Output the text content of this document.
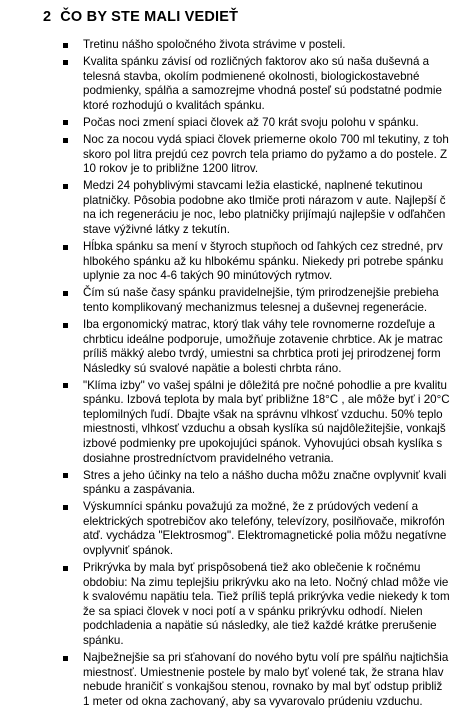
2 ČO BY STE MALI VEDIEŤ
Tretinu nášho spoločného života strávime v posteli.
Kvalita spánku závisí od rozličných faktorov ako sú naša duševná a
telesná stavba, okolím podmienené okolnosti, biologickostavebné
podmienky, spálňa a samozrejme vhodná posteľ sú podstatné podmie
ktoré rozhodujú o kvalitách spánku.
Počas noci zmení spiaci človek až 70 krát svoju polohu v spánku.
Noc za nocou vydá spiaci človek priemerne okolo 700 ml tekutiny, z toh
skoro pol litra prejdú cez povrch tela priamo do pyžamo a do postele. Z
10 rokov je to približne 1200 litrov.
Medzi 24 pohyblivými stavcami ležia elastické, naplnené tekutinou
platničky. Pôsobia podobne ako tlmiče proti nárazom v aute. Najlepší č
na ich regeneráciu je noc, lebo platničky prijímajú najlepšie v odľahčen
stave výživné látky z tekutín.
Hĺbka spánku sa mení v štyroch stupňoch od ľahkých cez stredné, prv
hlbokého spánku až ku hlbokému spánku. Niekedy pri potrebe spánku
uplynie za noc 4-6 takých 90 minútových rytmov.
Čím sú naše časy spánku pravidelnejšie, tým prirodzenejšie prebieha
tento komplikovaný mechanizmus telesnej a duševnej regenerácie.
Iba ergonomický matrac, ktorý tlak váhy tele rovnomerne rozdeľuje a
chrbticu ideálne podporuje, umožňuje zotavenie chrbtice. Ak je matrac
príliš mäkký alebo tvrdý, umiestni sa chrbtica proti jej prirodzenej form
Následky sú svalové napätie a bolesti chrbta ráno.
"Klíma izby" vo vašej spálni je dôležitá pre nočné pohodlie a pre kvalitu
spánku. Izbová teplota by mala byť približne 18°C , ale môže byť i 20°C
teplomilných ľudí. Dbajte však na správnu vlhkosť vzduchu. 50% teplo
miestnosti, vlhkosť vzduchu a obsah kyslíka sú najdôležitejšie, vonkajš
izbové podmienky pre upokojujúci spánok. Vyhovujúci obsah kyslíka s
dosiahne prostredníctvom pravidelného vetrania.
Stres a jeho účinky na telo a nášho ducha môžu značne ovplyvniť kvali
spánku a zaspávania.
Výskumníci spánku považujú za možné, že z prúdových vedení a
elektrických spotrebičov ako telefóny, televízory, posilňovače, mikrofón
atď. vychádza "Elektrosmog". Elektromagnetické polia môžu negatívne
ovplyvniť spánok.
Prikrývka by mala byť prispôsobená tiež ako oblečenie k ročnému
obdobiu: Na zimu teplejšiu prikrývku ako na leto. Nočný chlad môže vie
k svalovému napätiu tela. Tiež príliš teplá prikrývka vedie niekedy k tom
že sa spiaci človek v noci potí a v spánku prikrývku odhodí. Nielen
podchladenia a napätie sú následky, ale tiež každé krátke prerušenie
spánku.
Najbežnejšie sa pri sťahovaní do nového bytu volí pre spálňu najtichšia
miestnosť. Umiestnenie postele by malo byť volené tak, že strana hlav
nebude hraničiť s vonkajšou stenou, rovnako by mal byť odstup približ
1 meter od okna zachovaný, aby sa vyvarovalo prúdeniu vzduchu.
